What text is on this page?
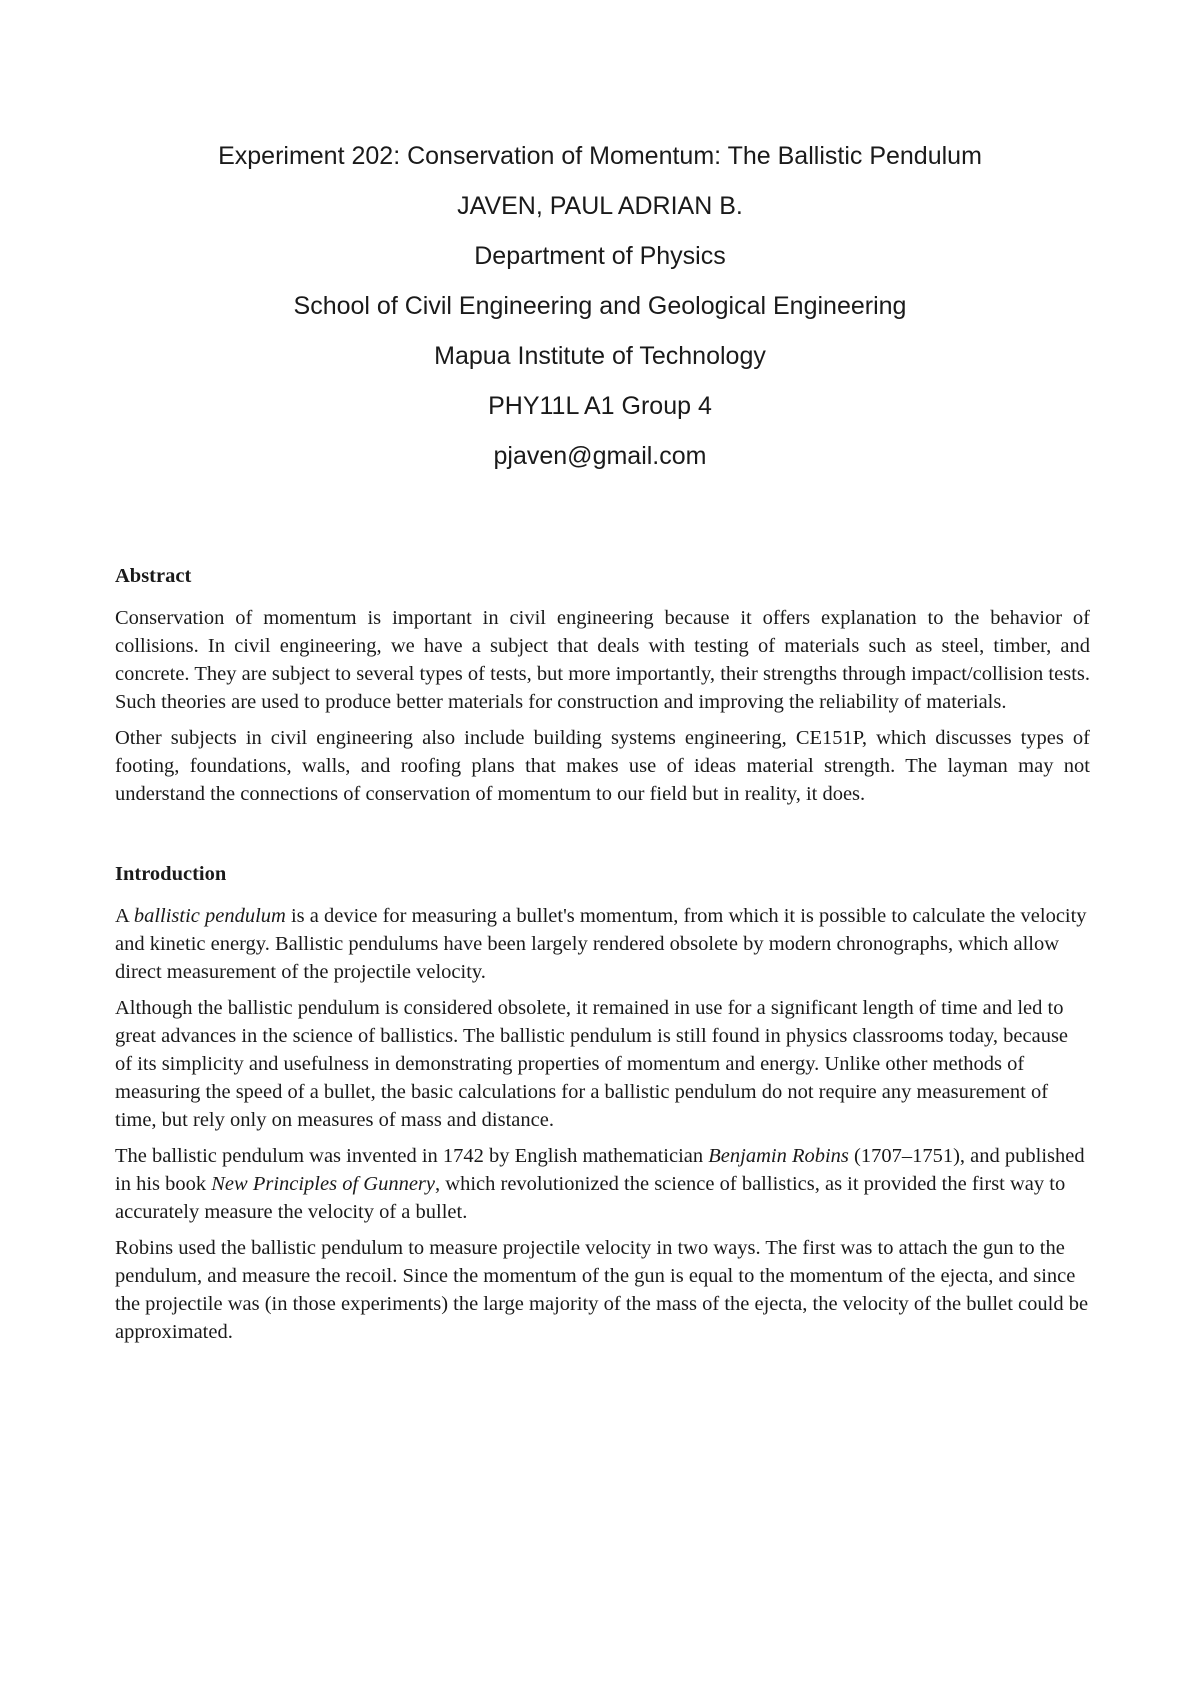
Experiment 202: Conservation of Momentum: The Ballistic Pendulum

JAVEN, PAUL ADRIAN B.

Department of Physics

School of Civil Engineering and Geological Engineering

Mapua Institute of Technology

PHY11L A1 Group 4

pjaven@gmail.com

Abstract

Conservation of momentum is important in civil engineering because it offers explanation to the behavior of collisions. In civil engineering, we have a subject that deals with testing of materials such as steel, timber, and concrete. They are subject to several types of tests, but more importantly, their strengths through impact/collision tests. Such theories are used to produce better materials for construction and improving the reliability of materials.

Other subjects in civil engineering also include building systems engineering, CE151P, which discusses types of footing, foundations, walls, and roofing plans that makes use of ideas material strength. The layman may not understand the connections of conservation of momentum to our field but in reality, it does.

Introduction

A ballistic pendulum is a device for measuring a bullet's momentum, from which it is possible to calculate the velocity and kinetic energy. Ballistic pendulums have been largely rendered obsolete by modern chronographs, which allow direct measurement of the projectile velocity.

Although the ballistic pendulum is considered obsolete, it remained in use for a significant length of time and led to great advances in the science of ballistics. The ballistic pendulum is still found in physics classrooms today, because of its simplicity and usefulness in demonstrating properties of momentum and energy. Unlike other methods of measuring the speed of a bullet, the basic calculations for a ballistic pendulum do not require any measurement of time, but rely only on measures of mass and distance.

The ballistic pendulum was invented in 1742 by English mathematician Benjamin Robins (1707–1751), and published in his book New Principles of Gunnery, which revolutionized the science of ballistics, as it provided the first way to accurately measure the velocity of a bullet.

Robins used the ballistic pendulum to measure projectile velocity in two ways. The first was to attach the gun to the pendulum, and measure the recoil. Since the momentum of the gun is equal to the momentum of the ejecta, and since the projectile was (in those experiments) the large majority of the mass of the ejecta, the velocity of the bullet could be approximated.
